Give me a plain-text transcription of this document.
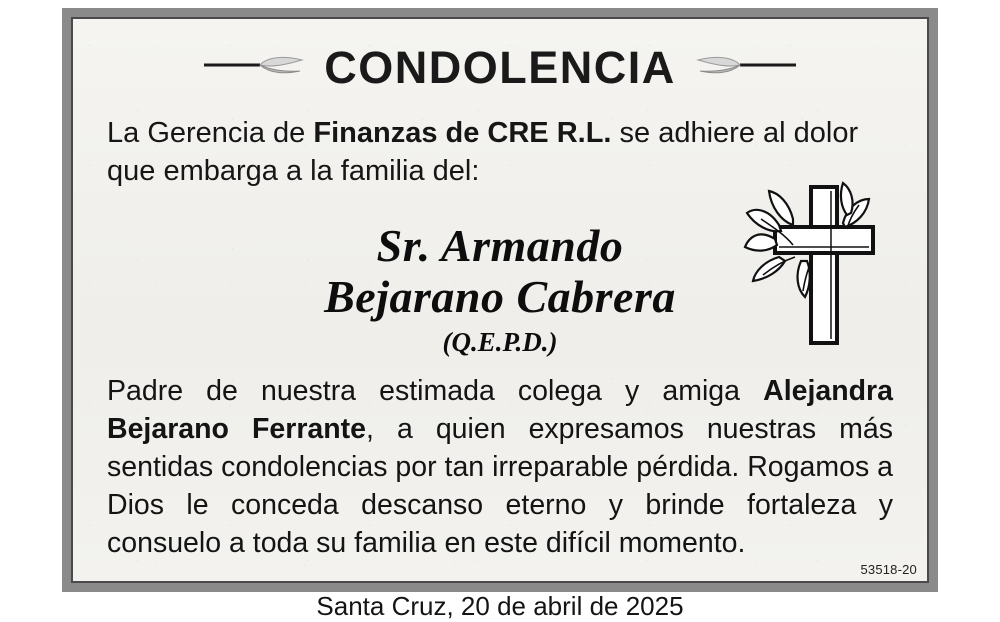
CONDOLENCIA

La Gerencia de Finanzas de CRE R.L. se adhiere al dolor que embarga a la familia del:

Sr. Armando
Bejarano Cabrera
(Q.E.P.D.)

Padre de nuestra estimada colega y amiga Alejandra Bejarano Ferrante, a quien expresamos nuestras más sentidas condolencias por tan irreparable pérdida. Rogamos a Dios le conceda descanso eterno y brinde fortaleza y consuelo a toda su familia en este difícil momento.

Santa Cruz, 20 de abril de 2025
53518-20
